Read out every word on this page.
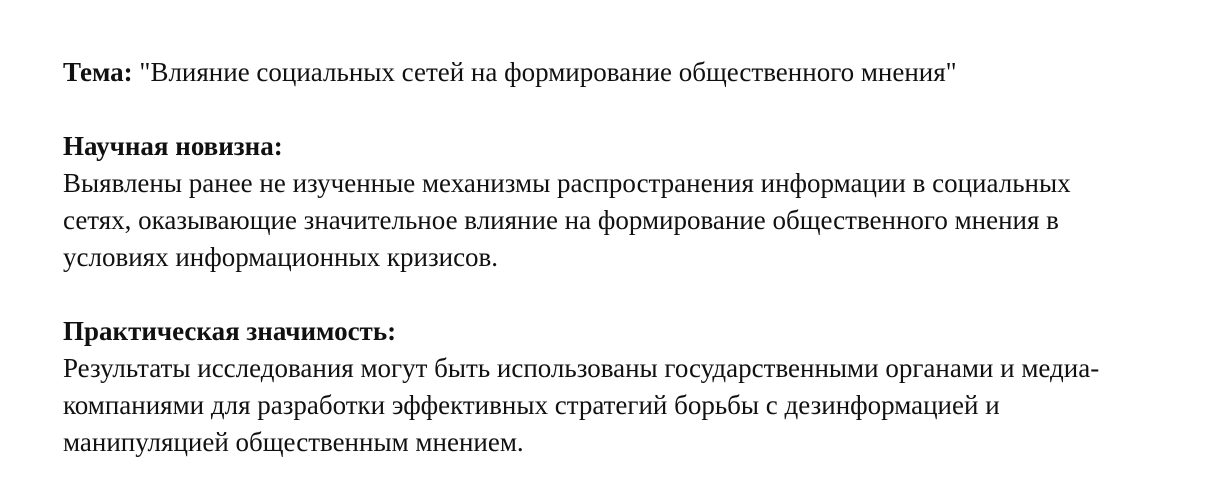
Тема: "Влияние социальных сетей на формирование общественного мнения"

Научная новизна:
Выявлены ранее не изученные механизмы распространения информации в социальных
сетях, оказывающие значительное влияние на формирование общественного мнения в
условиях информационных кризисов.
Практическая значимость:
Результаты исследования могут быть использованы государственными органами и медиа-
компаниями для разработки эффективных стратегий борьбы с дезинформацией и
манипуляцией общественным мнением.
